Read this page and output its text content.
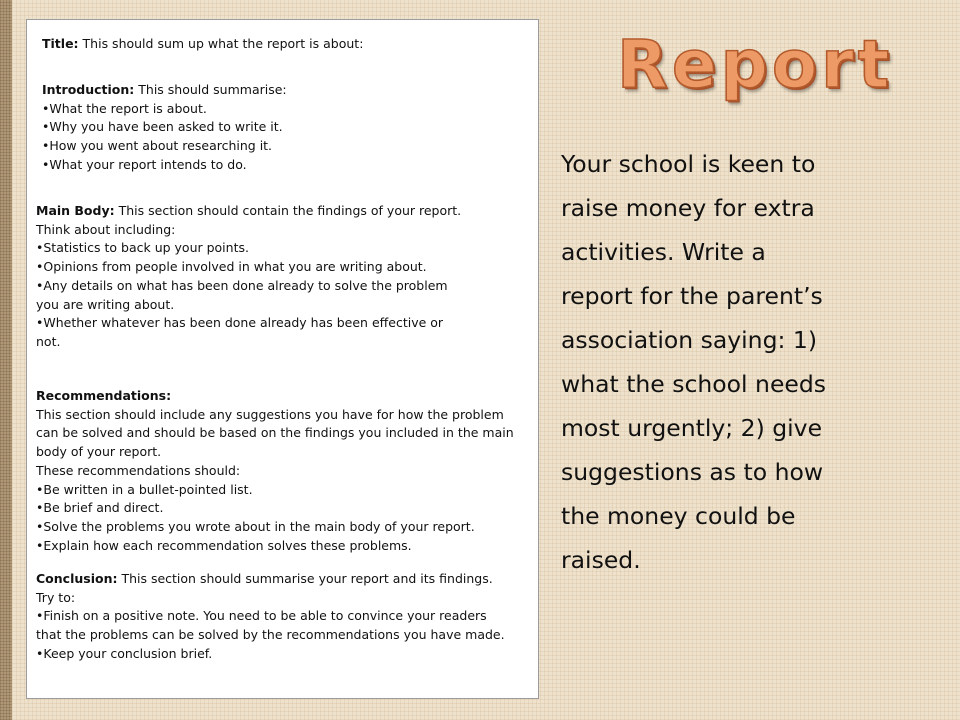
Title: This should sum up what the report is about:
Introduction: This should summarise:
•What the report is about.
•Why you have been asked to write it.
•How you went about researching it.
•What your report intends to do.
Main Body: This section should contain the findings of your report.
Think about including:
•Statistics to back up your points.
•Opinions from people involved in what you are writing about.
•Any details on what has been done already to solve the problem
you are writing about.
•Whether whatever has been done already has been effective or
not.
Recommendations:
This section should include any suggestions you have for how the problem
can be solved and should be based on the findings you included in the main
body of your report.
These recommendations should:
•Be written in a bullet-pointed list.
•Be brief and direct.
•Solve the problems you wrote about in the main body of your report.
•Explain how each recommendation solves these problems.
Conclusion: This section should summarise your report and its findings.
Try to:
•Finish on a positive note. You need to be able to convince your readers
that the problems can be solved by the recommendations you have made.
•Keep your conclusion brief.
Report
Your school is keen to
raise money for extra
activities. Write a
report for the parent’s
association saying: 1)
what the school needs
most urgently; 2) give
suggestions as to how
the money could be
raised.
